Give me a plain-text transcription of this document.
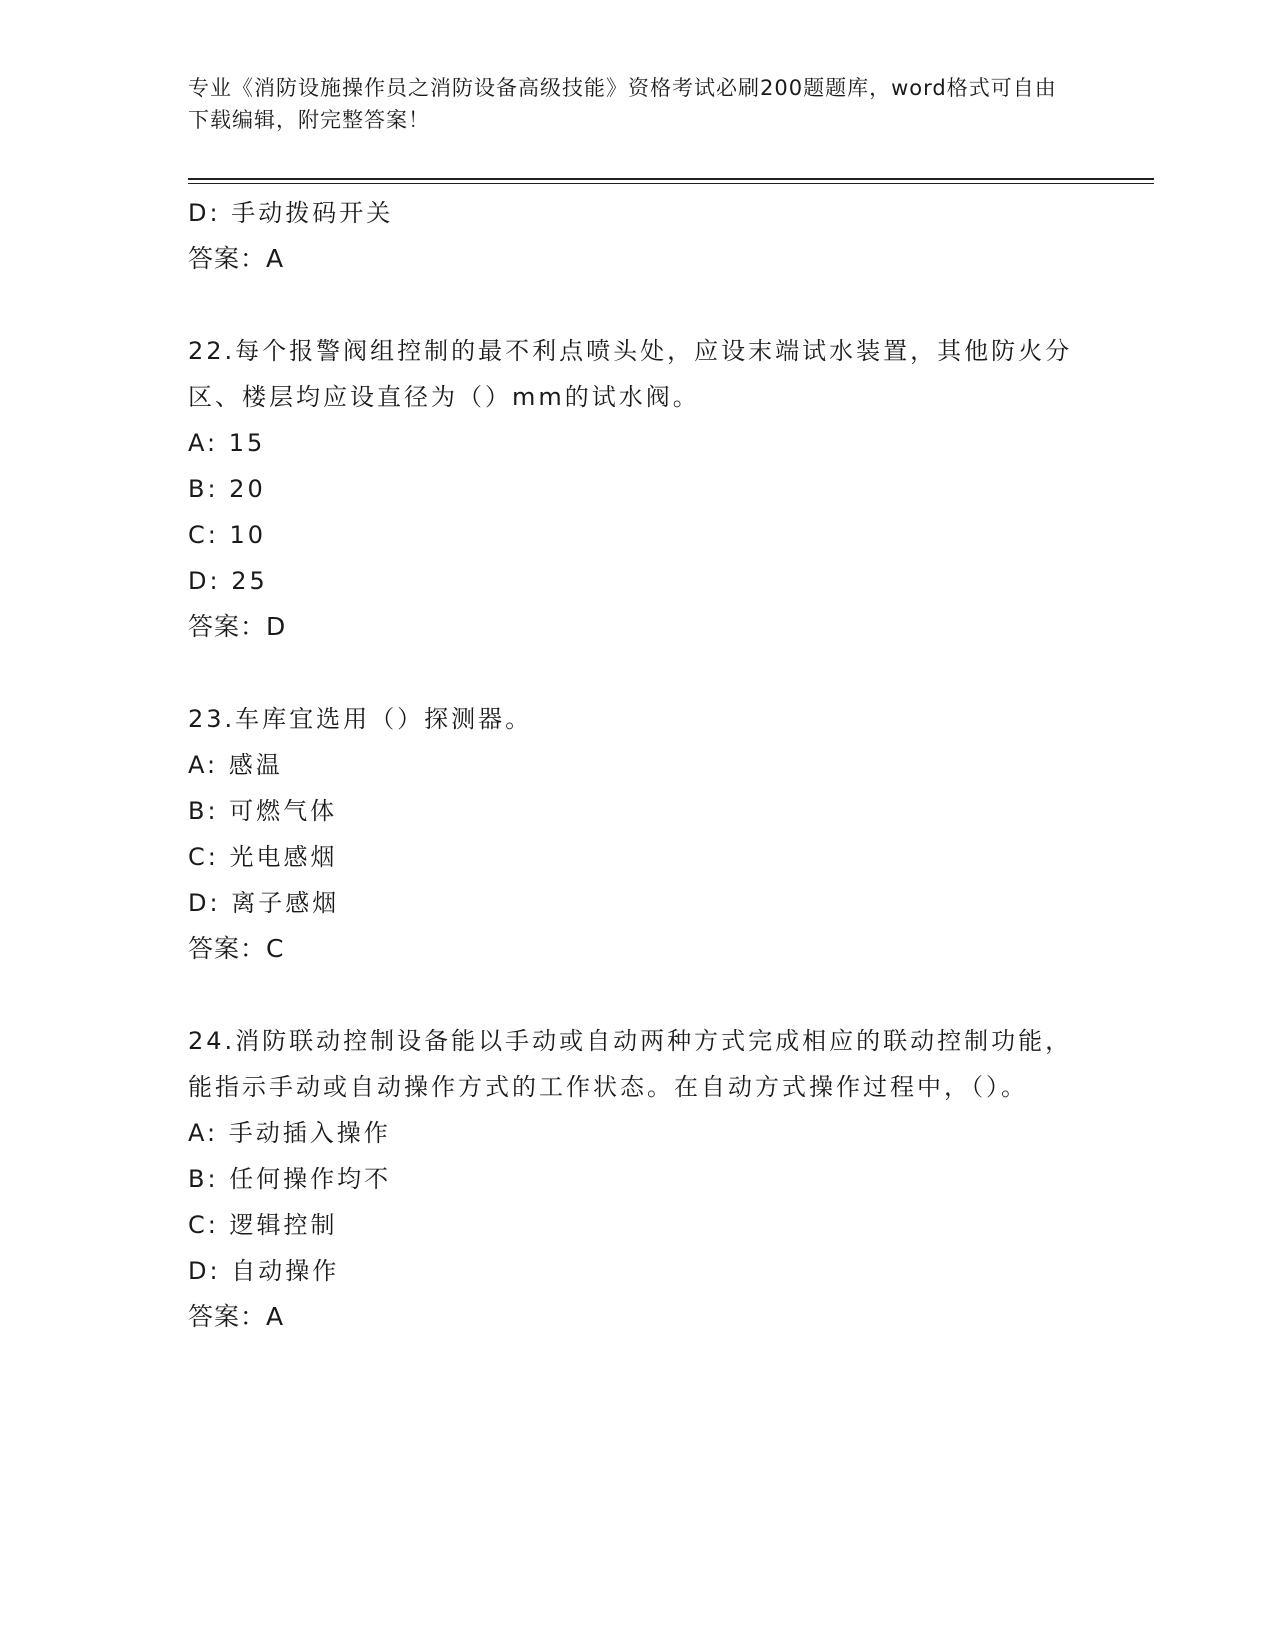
专业《消防设施操作员之消防设备高级技能》资格考试必刷200题题库，word格式可自由下载编辑，附完整答案！
D: 手动拨码开关
答案：A
22.每个报警阀组控制的最不利点喷头处，应设末端试水装置，其他防火分区、楼层均应设直径为（）mm的试水阀。
A: 15
B: 20
C: 10
D: 25
答案：D
23.车库宜选用（）探测器。
A: 感温
B: 可燃气体
C: 光电感烟
D: 离子感烟
答案：C
24.消防联动控制设备能以手动或自动两种方式完成相应的联动控制功能，能指示手动或自动操作方式的工作状态。在自动方式操作过程中，（）。
A: 手动插入操作
B: 任何操作均不
C: 逻辑控制
D: 自动操作
答案：A
